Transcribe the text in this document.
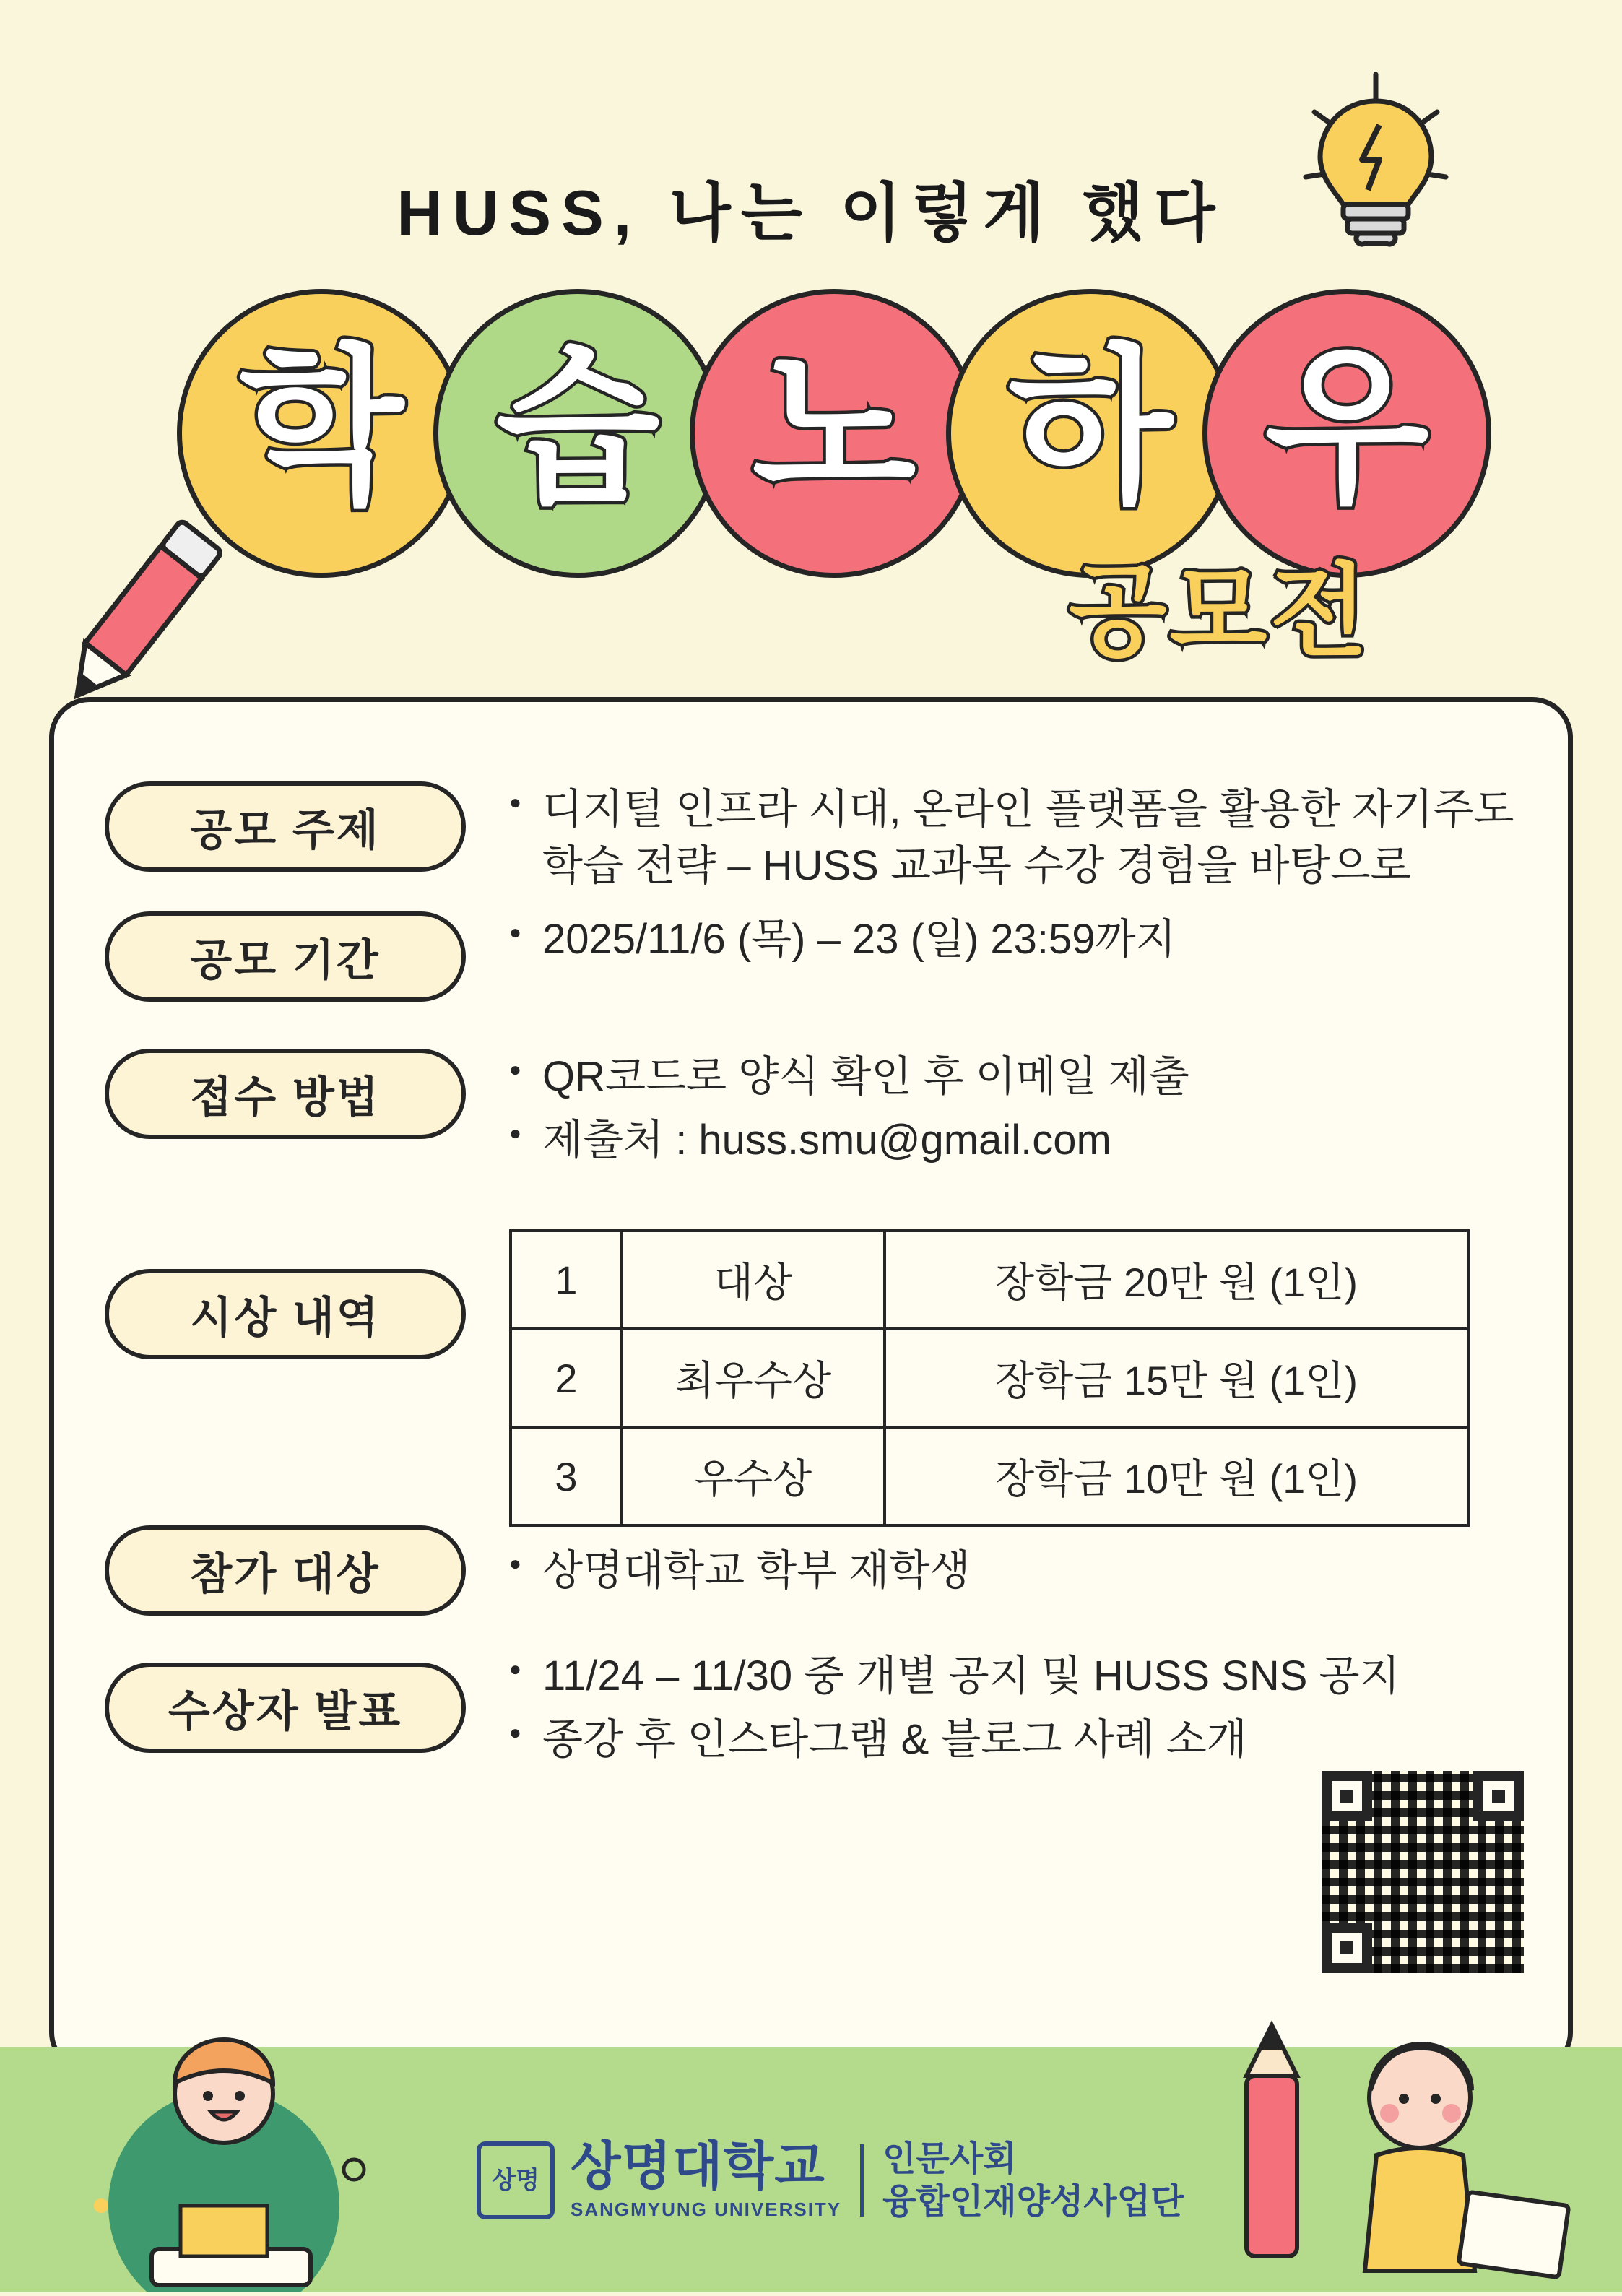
HUSS, 나는 이렇게 했다
학 습 노 하 우
공모전
공모 주제	● 디지털 인프라 시대, 온라인 플랫폼을 활용한 자기주도 학습 전략 – HUSS 교과목 수강 경험을 바탕으로
공모 기간	● 2025/11/6 (목) – 23 (일) 23:59까지
접수 방법	● QR코드로 양식 확인 후 이메일 제출
● 제출처 : huss.smu@gmail.com
시상 내역
1	대상	장학금 20만 원 (1인)
2	최우수상	장학금 15만 원 (1인)
3	우수상	장학금 10만 원 (1인)
참가 대상	● 상명대학교 학부 재학생
수상자 발표
● 11/24 – 11/30 중 개별 공지 및 HUSS SNS 공지
● 종강 후 인스타그램 & 블로그 사례 소개
상명 상명대학교
SANGMYUNG UNIVERSITY
인문사회
융합인재양성사업단
